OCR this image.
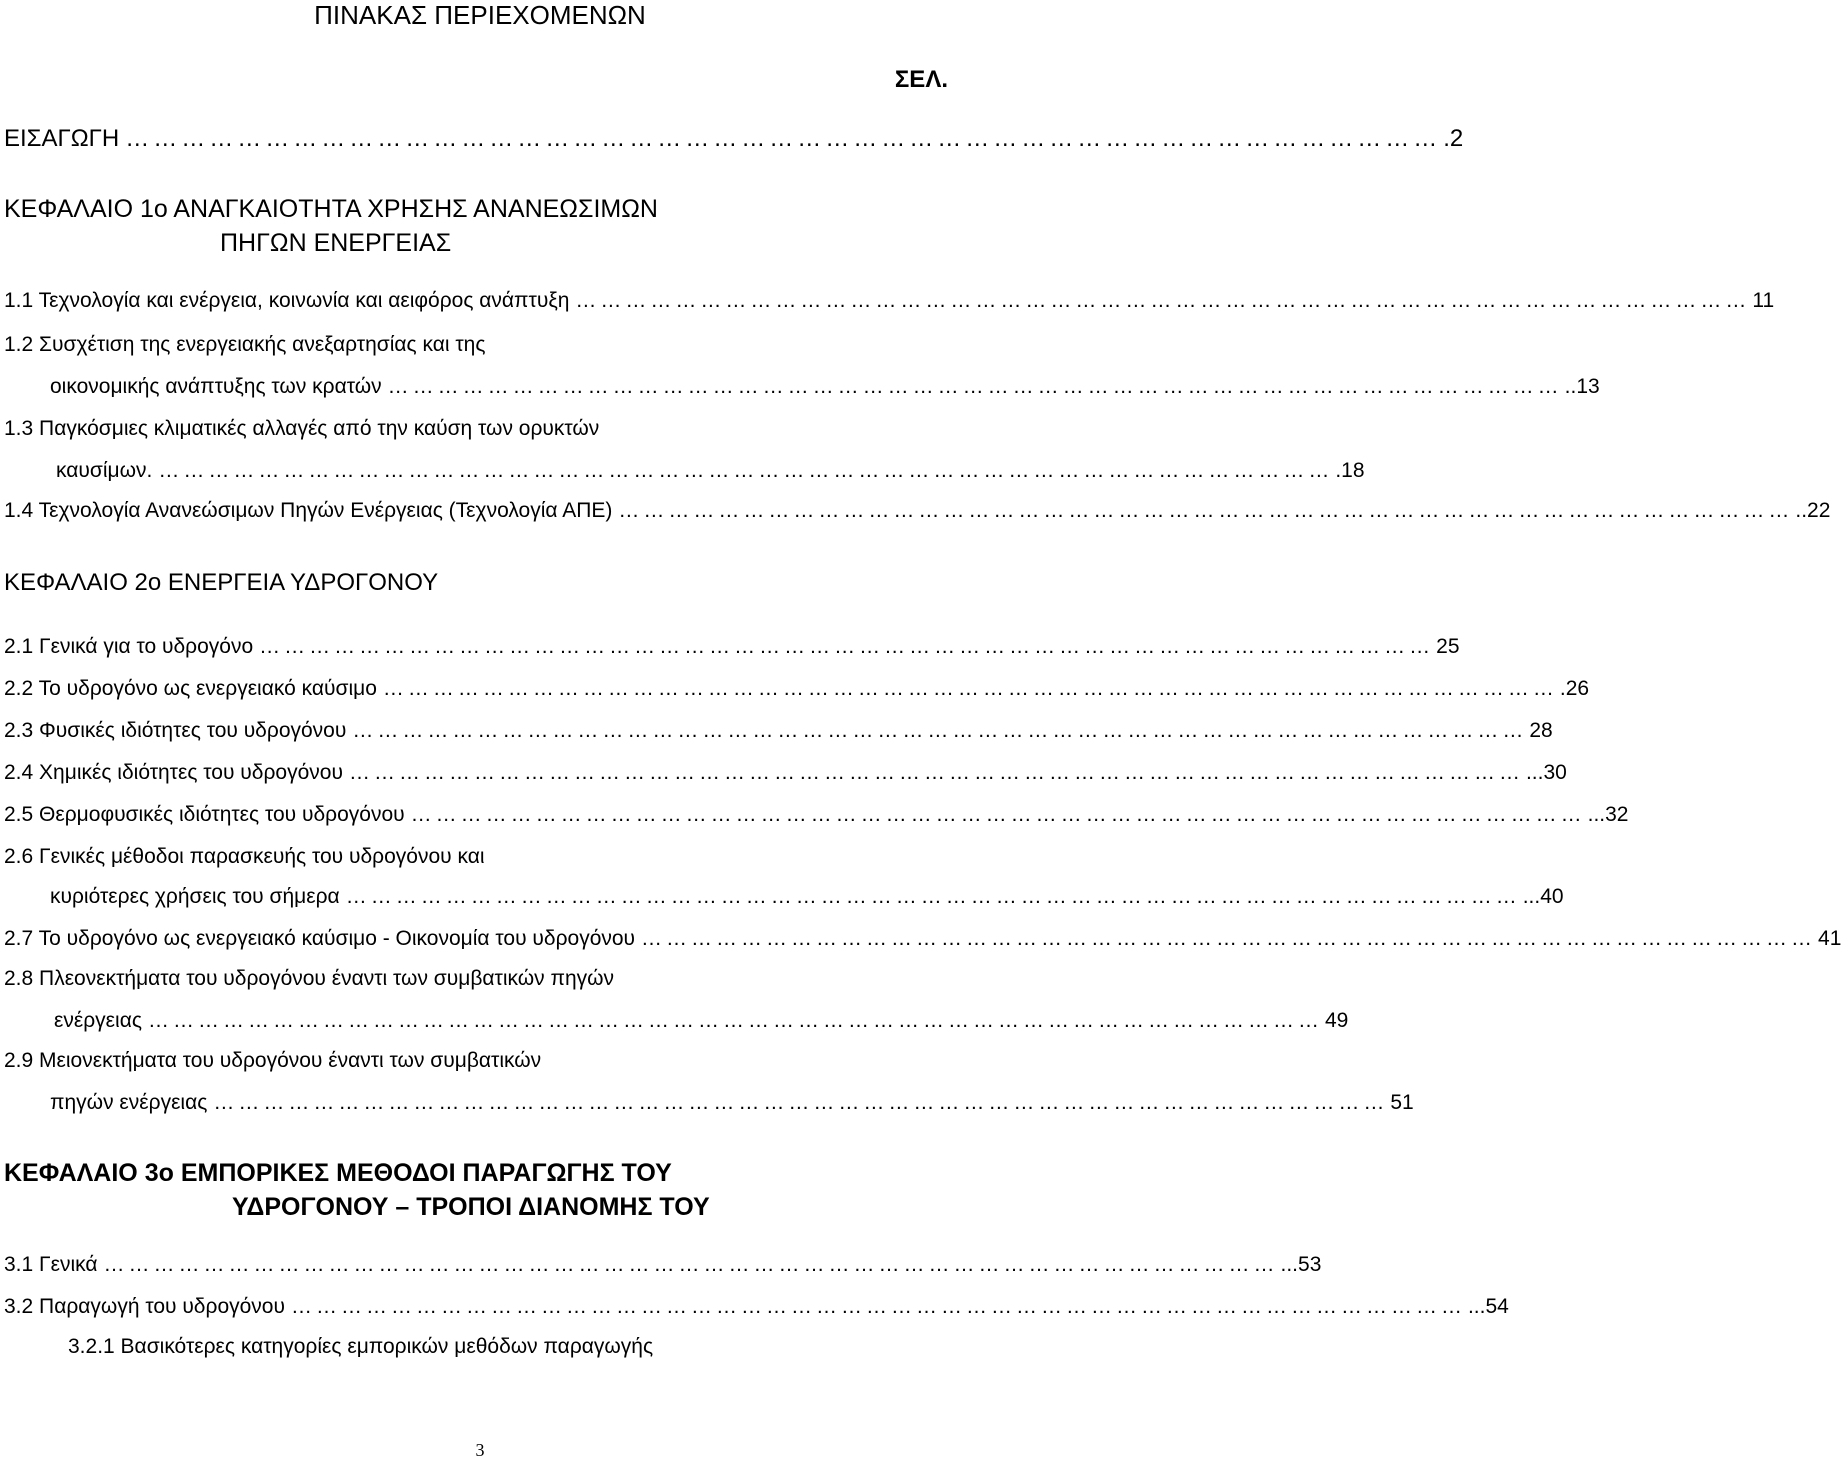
ΠΙΝΑΚΑΣ ΠΕΡΙΕΧΟΜΕΝΩΝ
ΣΕΛ.
ΕΙΣΑΓΩΓΗ …………………………………………………………………………………………………………………………… .2
ΚΕΦΑΛΑΙΟ 1ο ΑΝΑΓΚΑΙΟΤΗΤΑ ΧΡΗΣΗΣ ΑΝΑΝΕΩΣΙΜΩΝ
ΠΗΓΩΝ ΕΝΕΡΓΕΙΑΣ
1.1 Τεχνολογία και ενέργεια, κοινωνία και αειφόρος ανάπτυξη …………………………………………………………………………………………………………………………… 11
1.2 Συσχέτιση της ενεργειακής ανεξαρτησίας και της
οικονομικής ανάπτυξης των κρατών …………………………………………………………………………………………………………………………… ..13
1.3 Παγκόσμιες κλιματικές αλλαγές από την καύση των ορυκτών
καυσίμων. …………………………………………………………………………………………………………………………… .18
1.4 Τεχνολογία Ανανεώσιμων Πηγών Ενέργειας (Τεχνολογία ΑΠΕ) …………………………………………………………………………………………………………………………… ..22
ΚΕΦΑΛΑΙΟ 2ο ΕΝΕΡΓΕΙΑ ΥΔΡΟΓΟΝΟΥ
2.1 Γενικά για το υδρογόνο …………………………………………………………………………………………………………………………… 25
2.2 Το υδρογόνο ως ενεργειακό καύσιμο …………………………………………………………………………………………………………………………… .26
2.3 Φυσικές ιδιότητες του υδρογόνου …………………………………………………………………………………………………………………………… 28
2.4 Χημικές ιδιότητες του υδρογόνου …………………………………………………………………………………………………………………………… ...30
2.5 Θερμοφυσικές ιδιότητες του υδρογόνου …………………………………………………………………………………………………………………………… ...32
2.6 Γενικές μέθοδοι παρασκευής του υδρογόνου και
κυριότερες χρήσεις του σήμερα …………………………………………………………………………………………………………………………… ...40
2.7 Το υδρογόνο ως ενεργειακό καύσιμο - Οικονομία του υδρογόνου …………………………………………………………………………………………………………………………… 41
2.8 Πλεονεκτήματα του υδρογόνου έναντι των συμβατικών πηγών
ενέργειας …………………………………………………………………………………………………………………………… 49
2.9 Μειονεκτήματα του υδρογόνου έναντι των συμβατικών
πηγών ενέργειας …………………………………………………………………………………………………………………………… 51
ΚΕΦΑΛΑΙΟ 3ο ΕΜΠΟΡΙΚΕΣ ΜΕΘΟΔΟΙ ΠΑΡΑΓΩΓΗΣ ΤΟΥ
ΥΔΡΟΓΟΝΟΥ – ΤΡΟΠΟΙ ΔΙΑΝΟΜΗΣ ΤΟΥ
3.1 Γενικά …………………………………………………………………………………………………………………………… ...53
3.2 Παραγωγή του υδρογόνου …………………………………………………………………………………………………………………………… ...54
3.2.1 Βασικότερες κατηγορίες εμπορικών μεθόδων παραγωγής
3
